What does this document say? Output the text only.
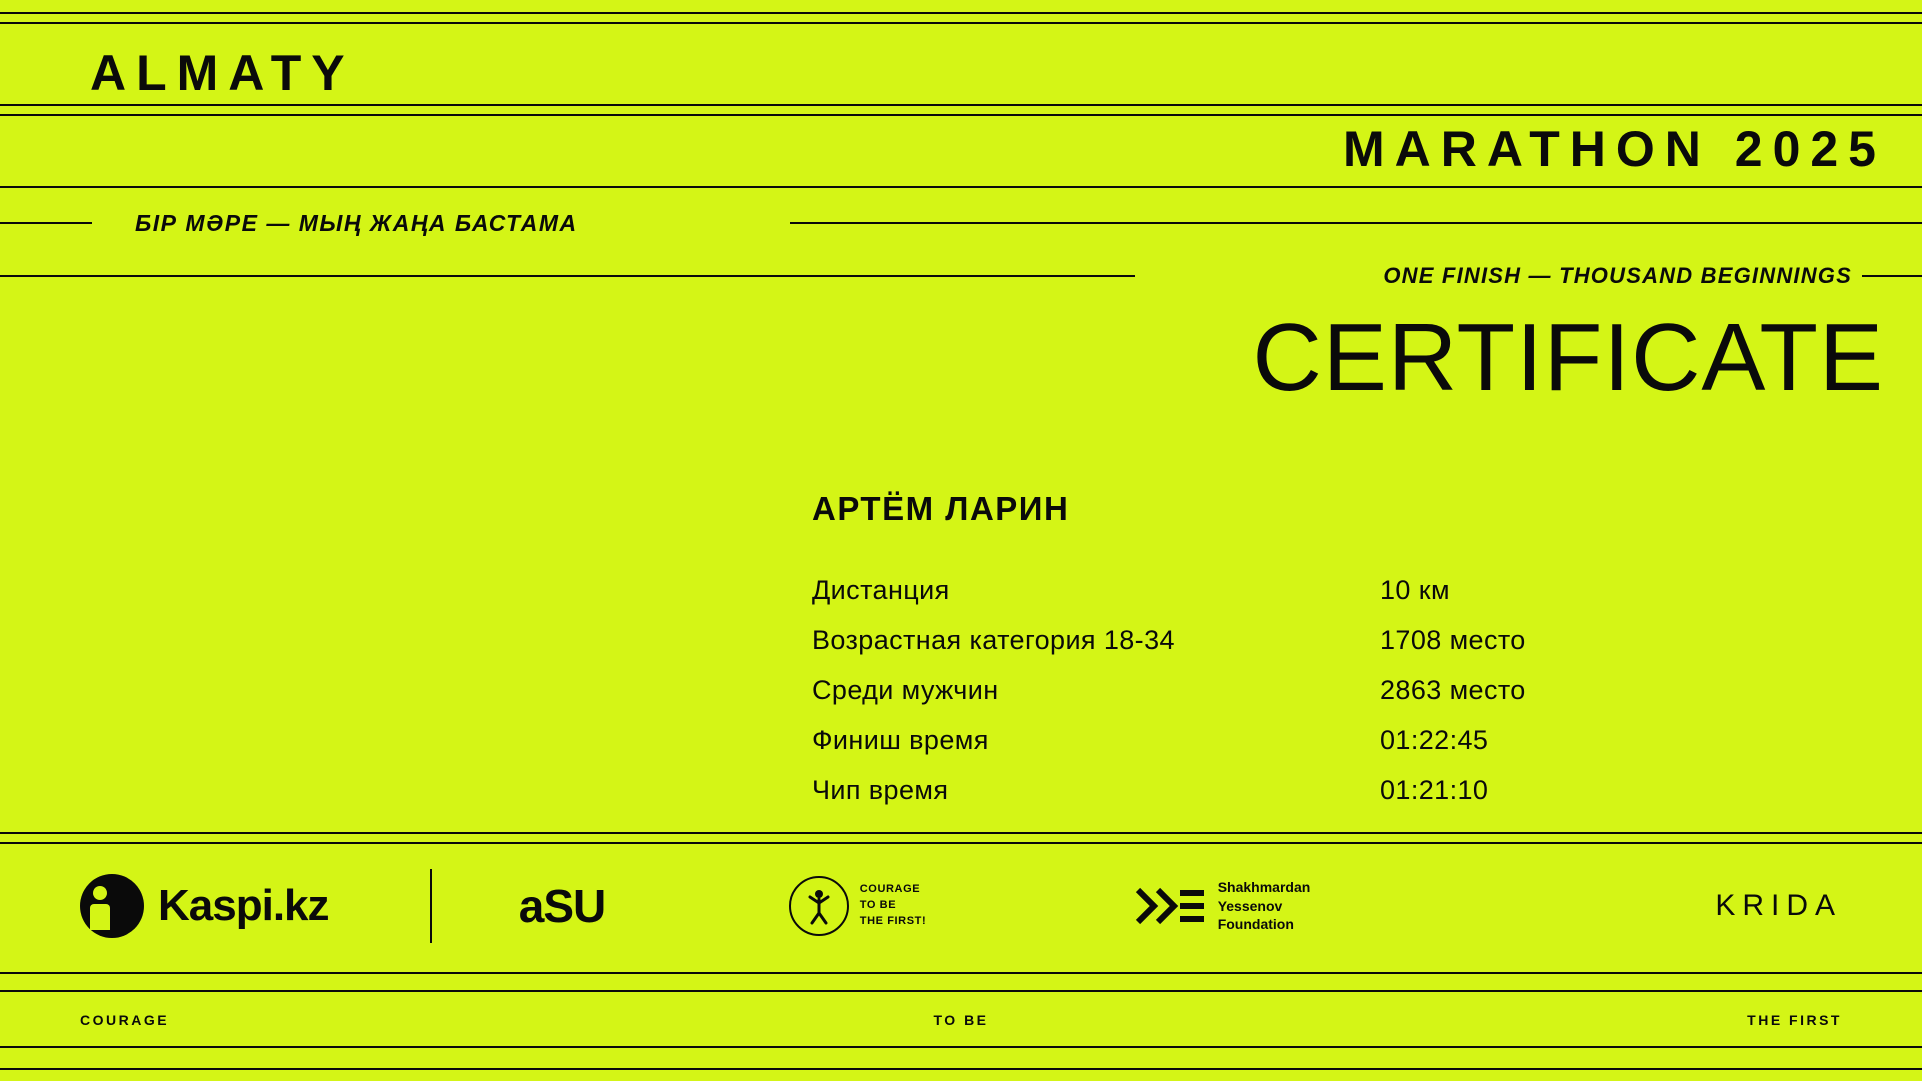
ALMATY
MARATHON 2025
БІР МӘРЕ — МЫҢ ЖАҢА БАСТАМА
ONE FINISH — THOUSAND BEGINNINGS
CERTIFICATE
АРТЁМ ЛАРИН
Дистанция	10 км
Возрастная категория 18-34	1708 место
Среди мужчин	2863 место
Финиш время	01:22:45
Чип время	01:21:10
Kaspi.kz	aSU	COURAGE
TO BE
THE FIRST!
Shakhmardan
Yessenov
Foundation
KRIDA
COURAGE	TO BE	THE FIRST
